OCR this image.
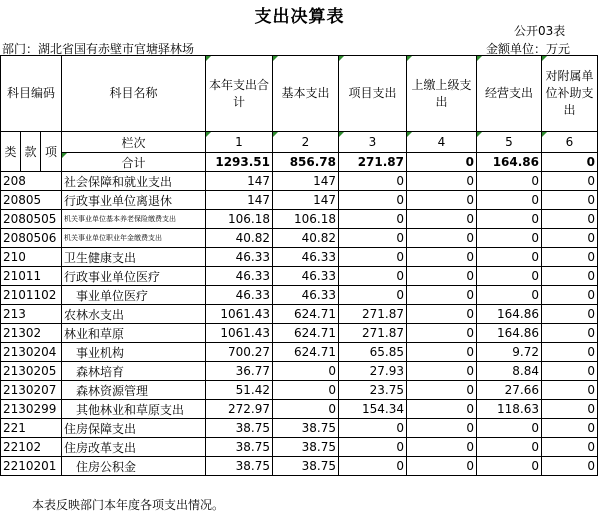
支出决算表
公开03表
部门：湖北省国有赤壁市官塘驿林场	金额单位：万元
科目编码			科目名称	本年支出合计	基本支出	项目支出	上缴上级支出	经营支出	对附属单位补助支出
类	款	项	栏次	1	2	3	4	5	6
			合计	1293.51	856.78	271.87	0	164.86	0
208			社会保障和就业支出	147	147	0	0	0	0
20805			行政事业单位离退休	147	147	0	0	0	0
2080505			机关事业单位基本养老保险缴费支出	106.18	106.18	0	0	0	0
2080506			机关事业单位职业年金缴费支出	40.82	40.82	0	0	0	0
210			卫生健康支出	46.33	46.33	0	0	0	0
21011			行政事业单位医疗	46.33	46.33	0	0	0	0
2101102			事业单位医疗	46.33	46.33	0	0	0	0
213			农林水支出	1061.43	624.71	271.87	0	164.86	0
21302			林业和草原	1061.43	624.71	271.87	0	164.86	0
2130204			事业机构	700.27	624.71	65.85	0	9.72	0
2130205			森林培育	36.77	0	27.93	0	8.84	0
2130207			森林资源管理	51.42	0	23.75	0	27.66	0
2130299			其他林业和草原支出	272.97	0	154.34	0	118.63	0
221			住房保障支出	38.75	38.75	0	0	0	0
22102			住房改革支出	38.75	38.75	0	0	0	0
2210201			住房公积金	38.75	38.75	0	0	0	0
本表反映部门本年度各项支出情况。
